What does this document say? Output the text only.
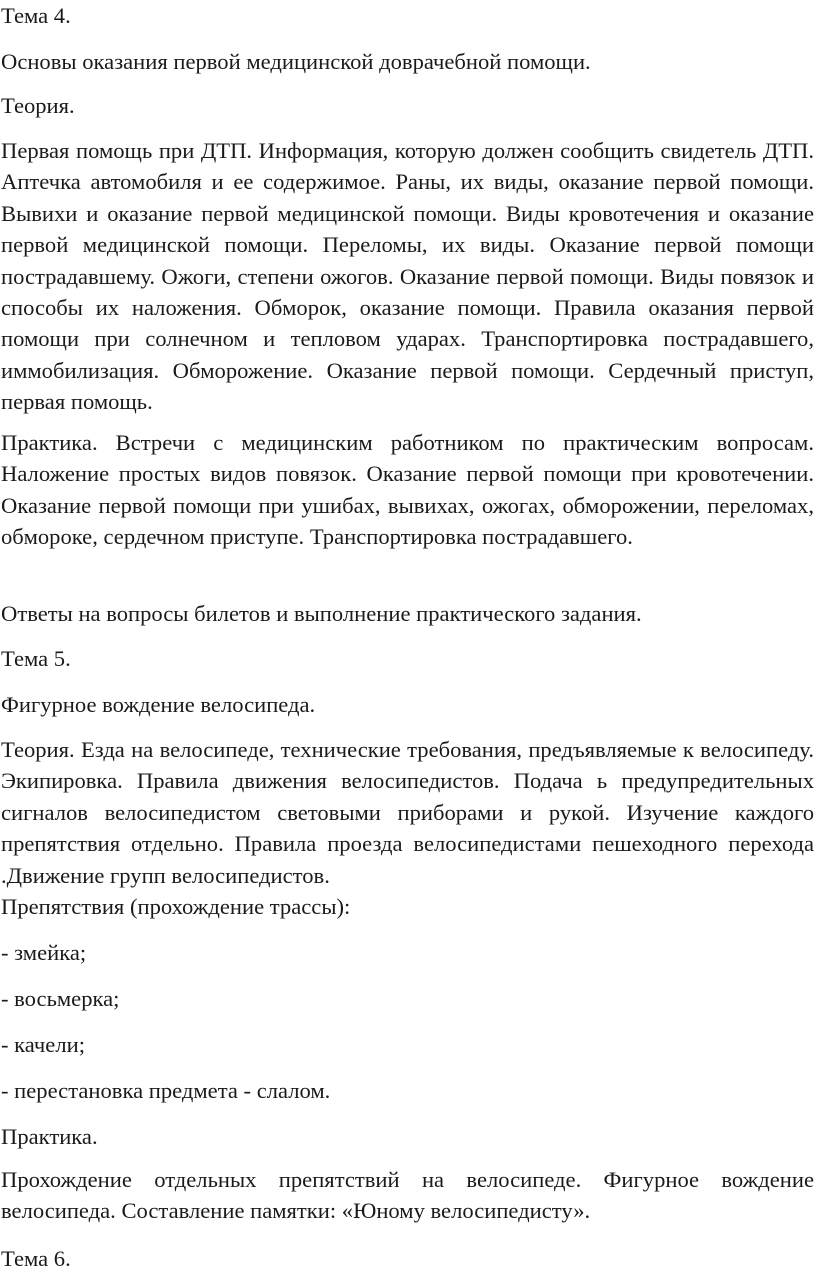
Тема 4.

Основы оказания первой медицинской доврачебной помощи.

Теория.

Первая помощь при ДТП. Информация, которую должен сообщить свидетель ДТП. Аптечка автомобиля и ее содержимое. Раны, их виды, оказание первой помощи. Вывихи и оказание первой медицинской помощи. Виды кровотечения и оказание первой медицинской помощи. Переломы, их виды. Оказание первой помощи пострадавшему. Ожоги, степени ожогов. Оказание первой помощи. Виды повязок и способы их наложения. Обморок, оказание помощи. Правила оказания первой помощи при солнечном и тепловом ударах. Транспортировка пострадавшего, иммобилизация. Обморожение. Оказание первой помощи. Сердечный приступ, первая помощь.

Практика. Встречи с медицинским работником по практическим вопросам. Наложение простых видов повязок. Оказание первой помощи при кровотечении. Оказание первой помощи при ушибах, вывихах, ожогах, обморожении, переломах, обмороке, сердечном приступе. Транспортировка пострадавшего.

Ответы на вопросы билетов и выполнение практического задания.

Тема 5.

Фигурное вождение велосипеда.

Теория. Езда на велосипеде, технические требования, предъявляемые к велосипеду. Экипировка. Правила движения велосипедистов. Подача ь предупредительных сигналов велосипедистом световыми приборами и рукой. Изучение каждого препятствия отдельно. Правила проезда велосипедистами пешеходного перехода .Движение групп велосипедистов.

Препятствия (прохождение трассы):

- змейка;

- восьмерка;

- качели;

- перестановка предмета - слалом.

Практика.

Прохождение отдельных препятствий на велосипеде. Фигурное вождение велосипеда. Составление памятки: «Юному велосипедисту».

Тема 6.
